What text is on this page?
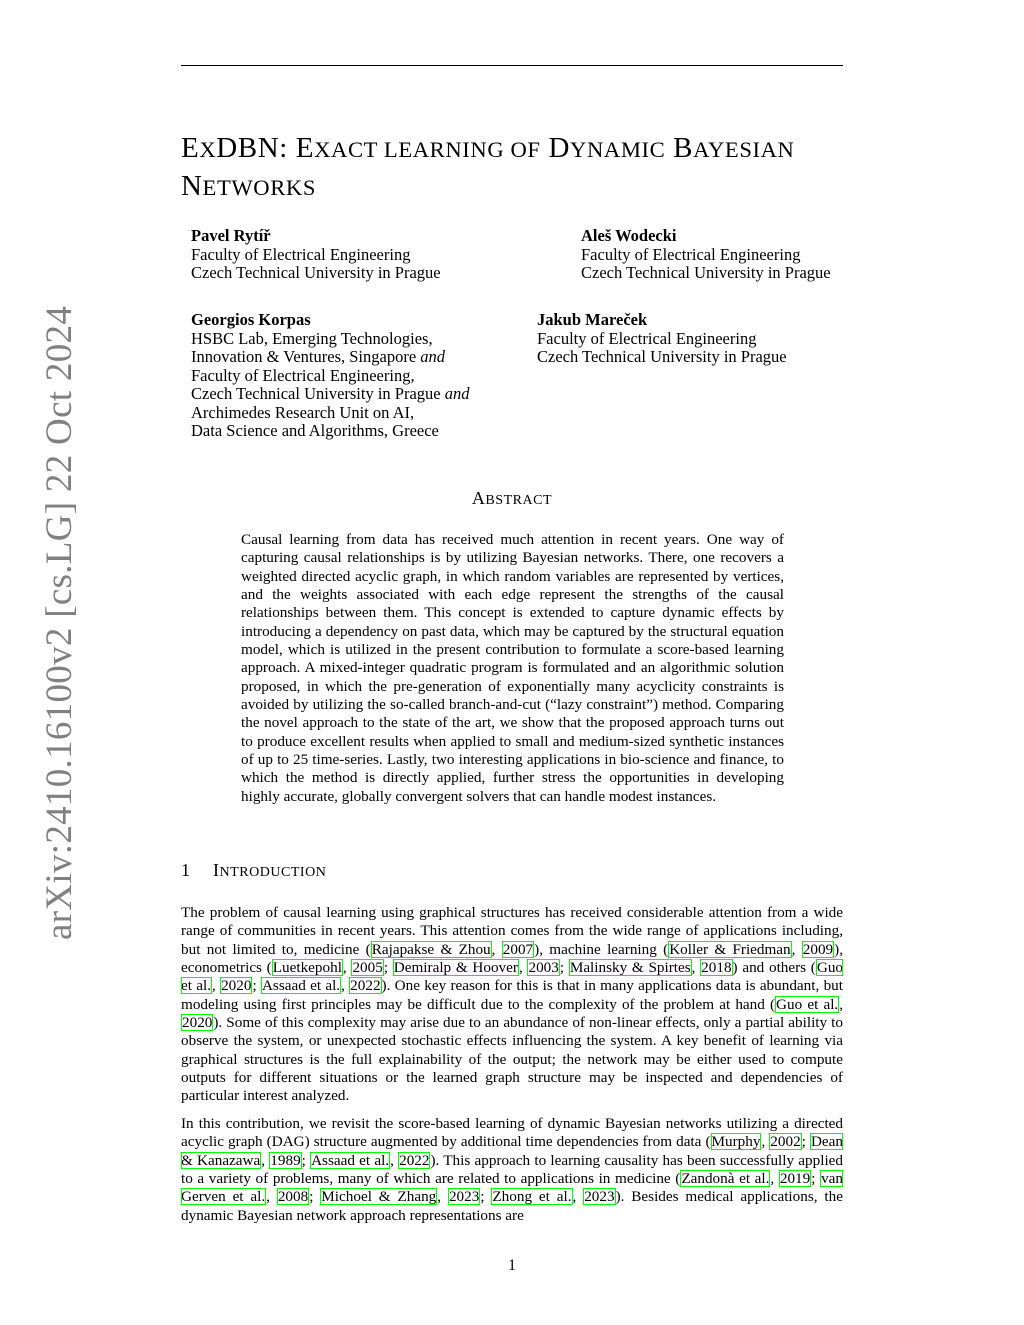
arXiv:2410.16100v2 [cs.LG] 22 Oct 2024
EXDBN: EXACT LEARNING OF DYNAMIC BAYESIAN
NETWORKS
Pavel Rytíř
Faculty of Electrical Engineering
Czech Technical University in Prague
Aleš Wodecki
Faculty of Electrical Engineering
Czech Technical University in Prague
Georgios Korpas
HSBC Lab, Emerging Technologies,
Innovation & Ventures, Singapore and
Faculty of Electrical Engineering,
Czech Technical University in Prague and
Archimedes Research Unit on AI,
Data Science and Algorithms, Greece
Jakub Mareček
Faculty of Electrical Engineering
Czech Technical University in Prague
ABSTRACT

Causal learning from data has received much attention in recent years. One way of capturing causal relationships is by utilizing Bayesian networks. There, one recovers a weighted directed acyclic graph, in which random variables are represented by vertices, and the weights associated with each edge represent the strengths of the causal relationships between them. This concept is extended to capture dynamic effects by introducing a dependency on past data, which may be captured by the structural equation model, which is utilized in the present contribution to formulate a score-based learning approach. A mixed-integer quadratic program is formulated and an algorithmic solution proposed, in which the pre-generation of exponentially many acyclicity constraints is avoided by utilizing the so-called branch-and-cut (“lazy constraint”) method. Comparing the novel approach to the state of the art, we show that the proposed approach turns out to produce excellent results when applied to small and medium-sized synthetic instances of up to 25 time-series. Lastly, two interesting applications in bio-science and finance, to which the method is directly applied, further stress the opportunities in developing highly accurate, globally convergent solvers that can handle modest instances.

1 INTRODUCTION

The problem of causal learning using graphical structures has received considerable attention from a wide range of communities in recent years. This attention comes from the wide range of applications including, but not limited to, medicine (Rajapakse & Zhou, 2007), machine learning (Koller & Friedman, 2009), econometrics (Luetkepohl, 2005; Demiralp & Hoover, 2003; Malinsky & Spirtes, 2018) and others (Guo et al., 2020; Assaad et al., 2022). One key reason for this is that in many applications data is abundant, but modeling using first principles may be difficult due to the complexity of the problem at hand (Guo et al., 2020). Some of this complexity may arise due to an abundance of non-linear effects, only a partial ability to observe the system, or unexpected stochastic effects influencing the system. A key benefit of learning via graphical structures is the full explainability of the output; the network may be either used to compute outputs for different situations or the learned graph structure may be inspected and dependencies of particular interest analyzed.

In this contribution, we revisit the score-based learning of dynamic Bayesian networks utilizing a directed acyclic graph (DAG) structure augmented by additional time dependencies from data (Murphy, 2002; Dean & Kanazawa, 1989; Assaad et al., 2022). This approach to learning causality has been successfully applied to a variety of problems, many of which are related to applications in medicine (Zandonà et al., 2019; van Gerven et al., 2008; Michoel & Zhang, 2023; Zhong et al., 2023). Besides medical applications, the dynamic Bayesian network approach representations are

1
